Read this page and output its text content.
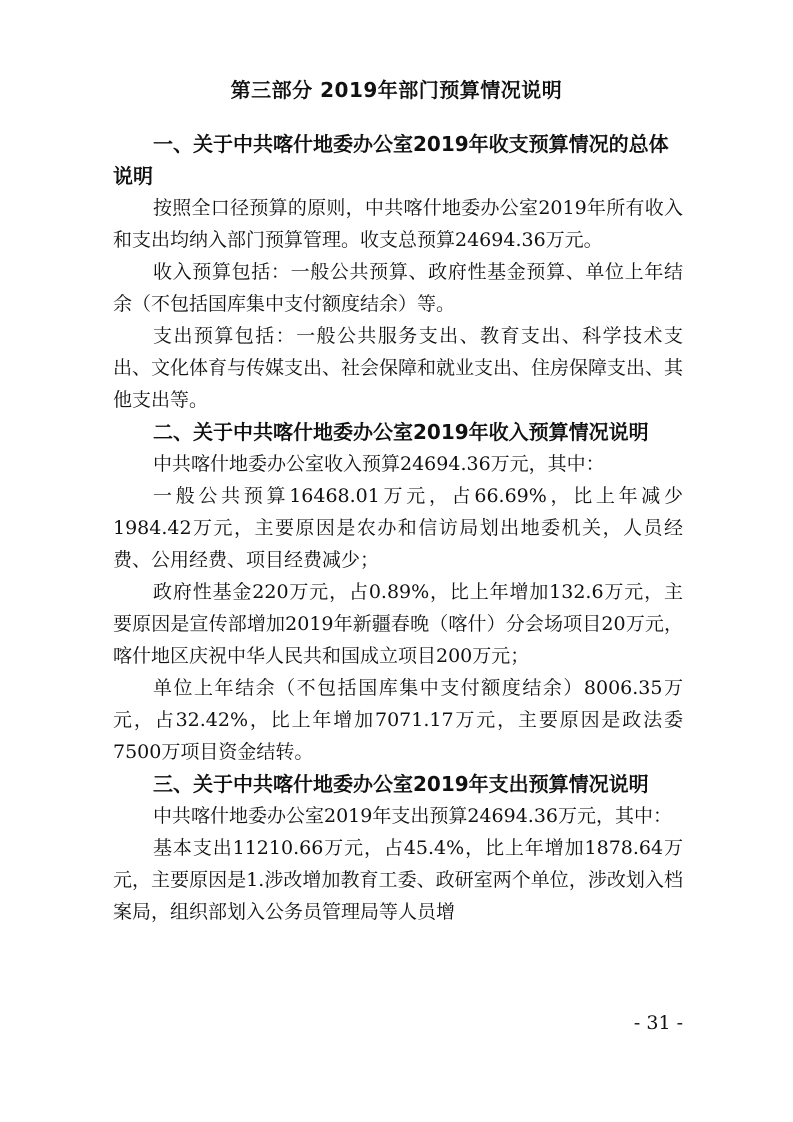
第三部分 2019年部门预算情况说明

一、关于中共喀什地委办公室2019年收支预算情况的总体说明

按照全口径预算的原则，中共喀什地委办公室2019年所有收入和支出均纳入部门预算管理。收支总预算24694.36万元。

收入预算包括：一般公共预算、政府性基金预算、单位上年结余（不包括国库集中支付额度结余）等。

支出预算包括：一般公共服务支出、教育支出、科学技术支出、文化体育与传媒支出、社会保障和就业支出、住房保障支出、其他支出等。

二、关于中共喀什地委办公室2019年收入预算情况说明

中共喀什地委办公室收入预算24694.36万元，其中：

一般公共预算16468.01万元，占66.69%，比上年减少1984.42万元，主要原因是农办和信访局划出地委机关，人员经费、公用经费、项目经费减少；

政府性基金220万元，占0.89%，比上年增加132.6万元，主要原因是宣传部增加2019年新疆春晚（喀什）分会场项目20万元，喀什地区庆祝中华人民共和国成立项目200万元；

单位上年结余（不包括国库集中支付额度结余）8006.35万元，占32.42%，比上年增加7071.17万元，主要原因是政法委7500万项目资金结转。

三、关于中共喀什地委办公室2019年支出预算情况说明

中共喀什地委办公室2019年支出预算24694.36万元，其中：

基本支出11210.66万元，占45.4%，比上年增加1878.64万元，主要原因是1.涉改增加教育工委、政研室两个单位，涉改划入档案局，组织部划入公务员管理局等人员增

- 31 -
